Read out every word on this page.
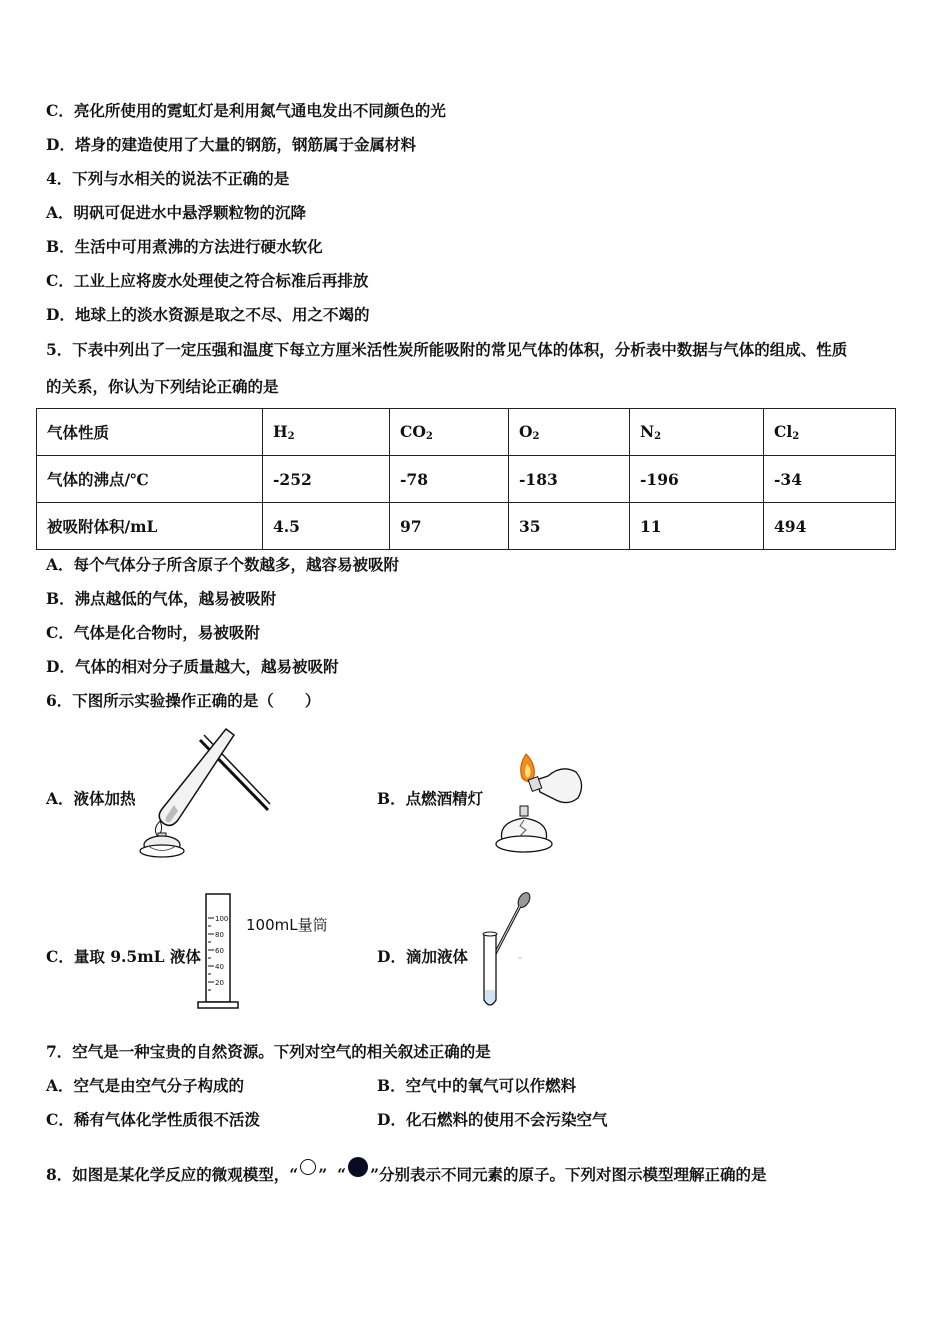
C．亮化所使用的霓虹灯是利用氮气通电发出不同颜色的光
D．塔身的建造使用了大量的钢筋，钢筋属于金属材料
4．下列与水相关的说法不正确的是
A．明矾可促进水中悬浮颗粒物的沉降
B．生活中可用煮沸的方法进行硬水软化
C．工业上应将废水处理使之符合标准后再排放
D．地球上的淡水资源是取之不尽、用之不竭的
5．下表中列出了一定压强和温度下每立方厘米活性炭所能吸附的常见气体的体积，分析表中数据与气体的组成、性质
的关系，你认为下列结论正确的是
气体性质	$H_2$	$CO_2$	$O_2$	$N_2$	$Cl_2$
气体的沸点/℃	-252	-78	-183	-196	-34
被吸附体积/mL	4.5	97	35	11	494
A．每个气体分子所含原子个数越多，越容易被吸附
B．沸点越低的气体，越易被吸附
C．气体是化合物时，易被吸附
D．气体的相对分子质量越大，越易被吸附
6．下图所示实验操作正确的是（　　）
A．液体加热	B．点燃酒精灯
C．量取 9.5mL 液体
100
80
60
40
20
100mL量筒
D．滴加液体
7．空气是一种宝贵的自然资源。下列对空气的相关叙述正确的是
A．空气是由空气分子构成的	B．空气中的氧气可以作燃料
C．稀有气体化学性质很不活泼	D．化石燃料的使用不会污染空气
8．如图是某化学反应的微观模型，“ ” “ ”分别表示不同元素的原子。下列对图示模型理解正确的是
